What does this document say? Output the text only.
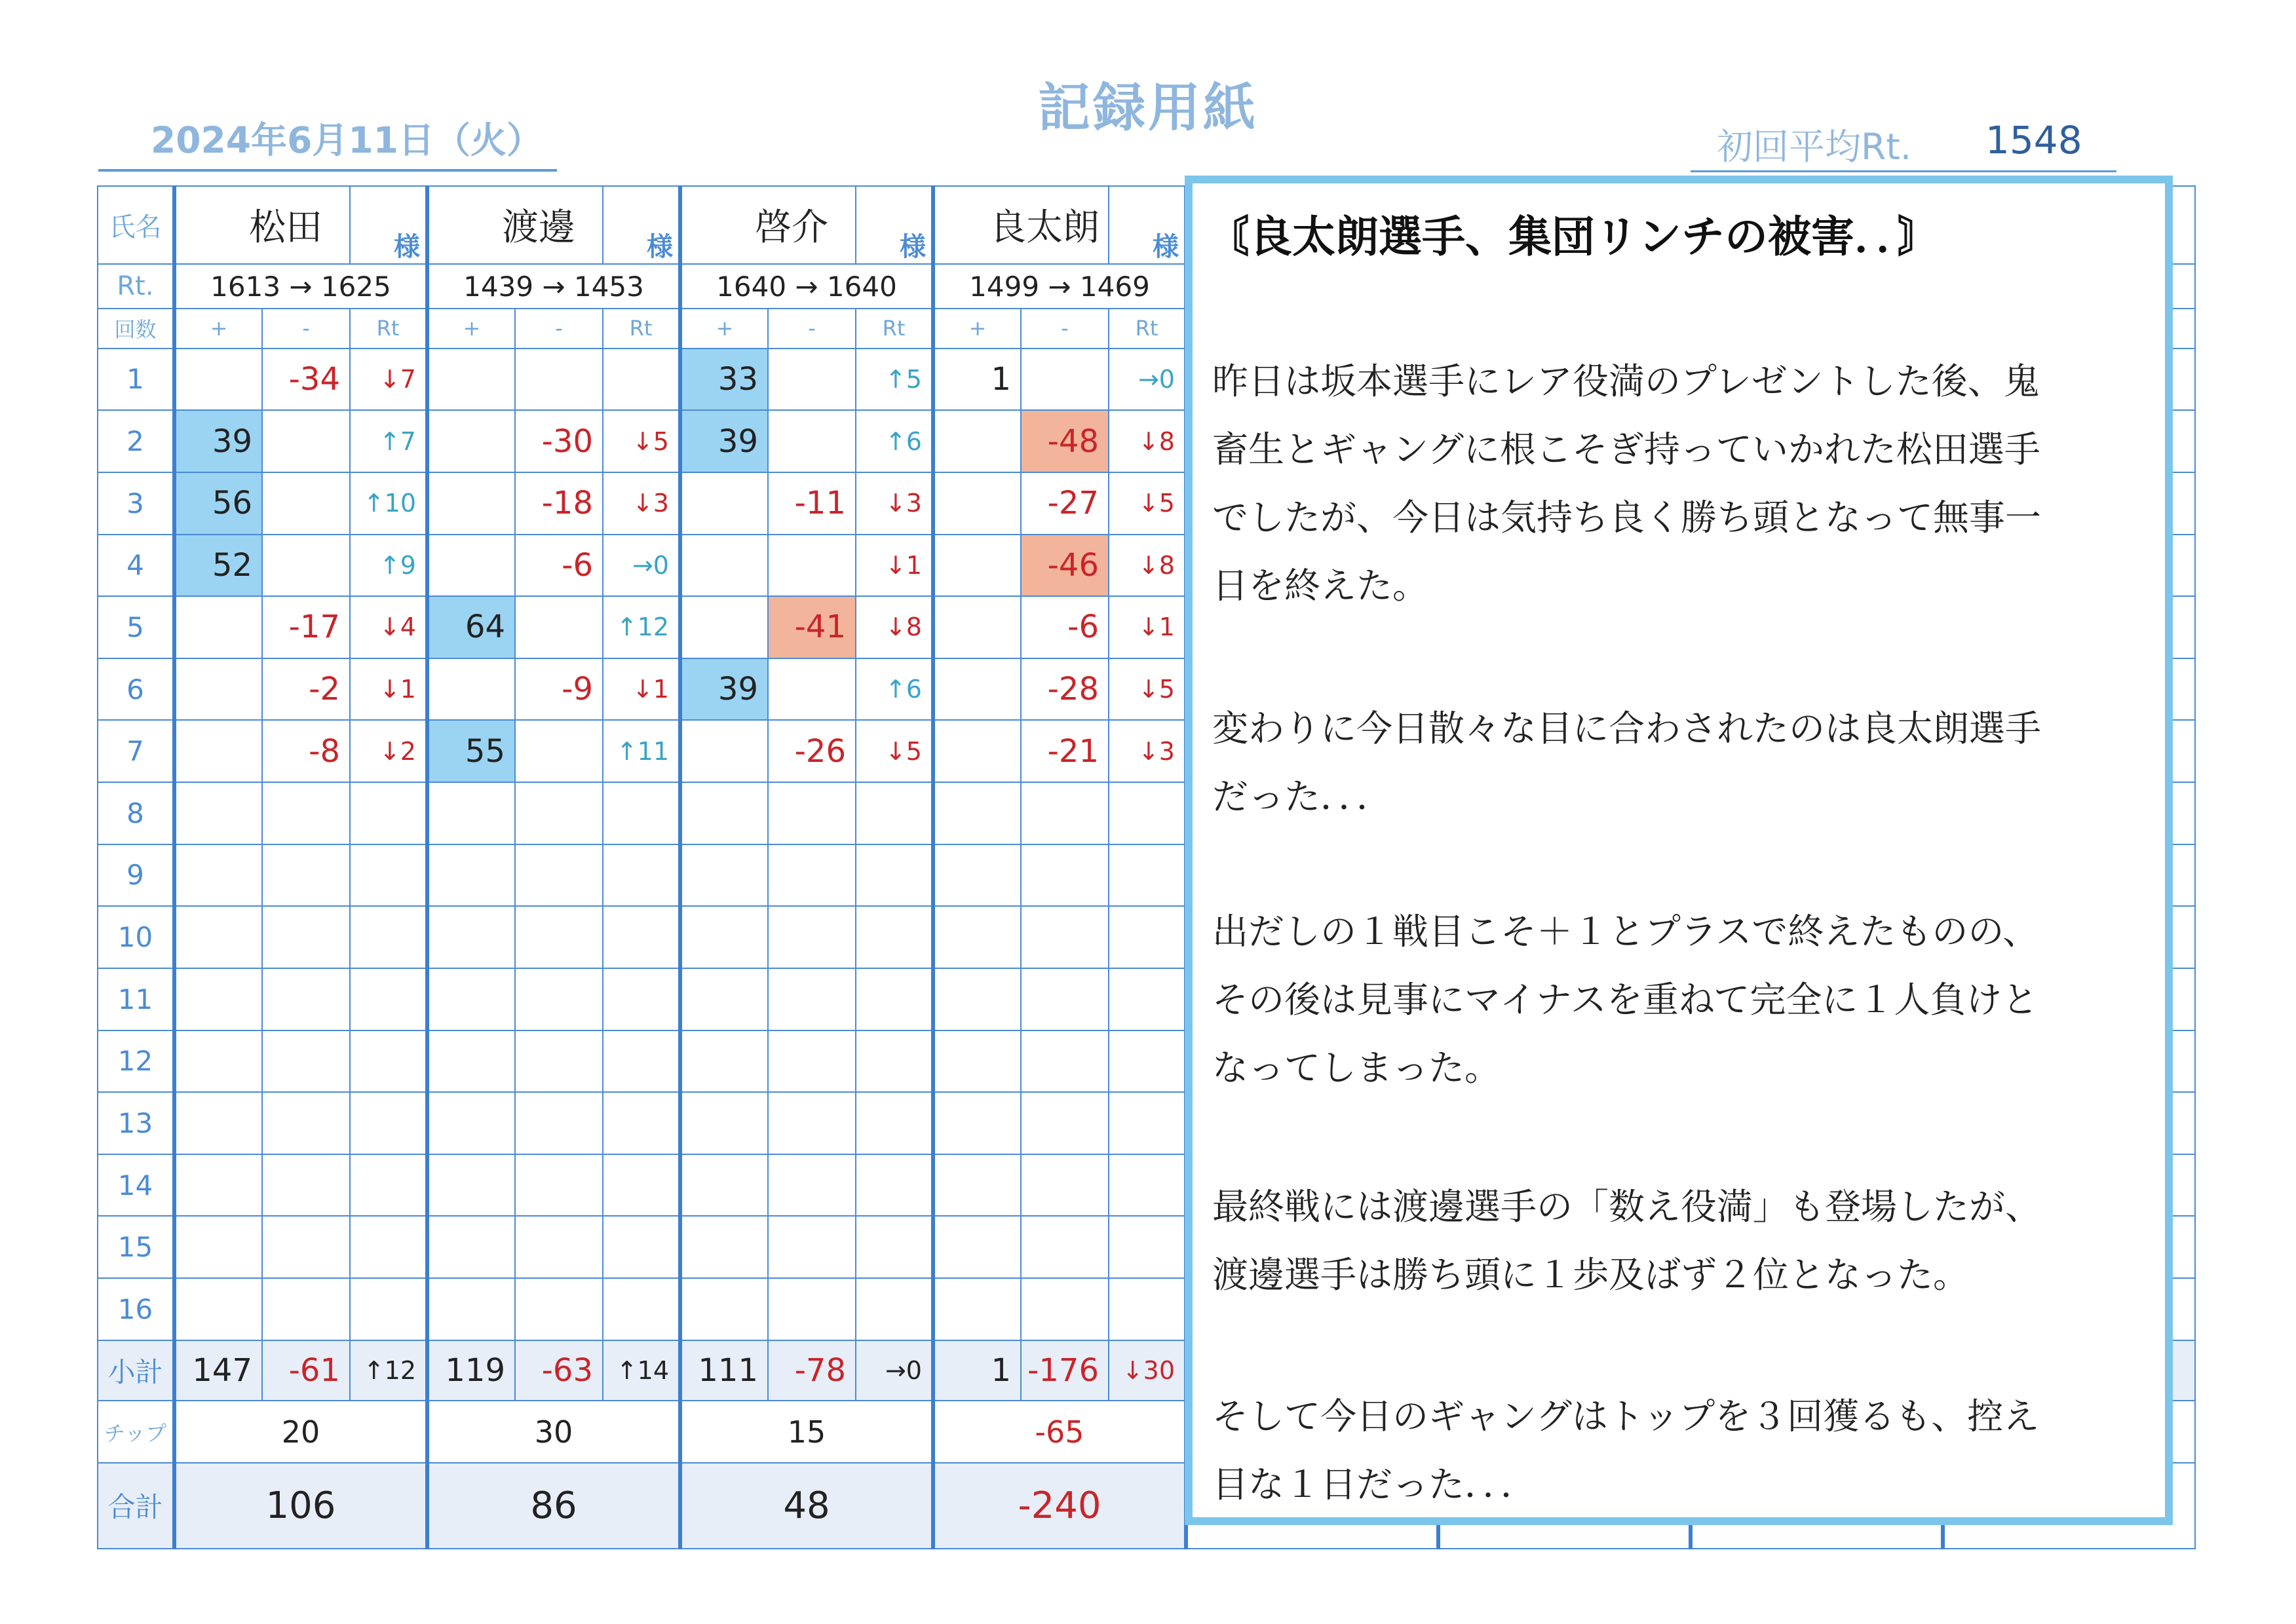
記録用紙
2024年6月11日（火）	初回平均Rt. 1548
氏名	松田		様	渡邊		様	啓介		様	良太朗		様				
Rt.	1613 → 1625			1439 → 1453			1640 → 1640			1499 → 1469						
回数	+	-	Rt	+	-	Rt	+	-	Rt	+	-	Rt				
1		-34	↓7				33		↑5	1		→0				
2	39		↑7		-30	↓5	39		↑6		-48	↓8				
3	56		↑10		-18	↓3		-11	↓3		-27	↓5				
4	52		↑9		-6	→0			↓1		-46	↓8				
5		-17	↓4	64		↑12		-41	↓8		-6	↓1				
6		-2	↓1		-9	↓1	39		↑6		-28	↓5				
7		-8	↓2	55		↑11		-26	↓5		-21	↓3				
8																
9																
10																
11																
12																
13																
14																
15																
16																
小計	147	-61	↑12	119	-63	↑14	111	-78	→0	1	-176	↓30				
チップ	20			30			15			-65						
合計	106			86			48			-240						
〘良太朗選手、集団リンチの被害．．〙
昨日は坂本選手にレア役満のプレゼントした後、鬼
畜生とギャングに根こそぎ持っていかれた松田選手
でしたが、今日は気持ち良く勝ち頭となって無事一
日を終えた。
変わりに今日散々な目に合わされたのは良太朗選手
だった．．．
出だしの１戦目こそ＋１とプラスで終えたものの、
その後は見事にマイナスを重ねて完全に１人負けと
なってしまった。
最終戦には渡邊選手の「数え役満」も登場したが、
渡邊選手は勝ち頭に１歩及ばず２位となった。
そして今日のギャングはトップを３回獲るも、控え
目な１日だった．．．
